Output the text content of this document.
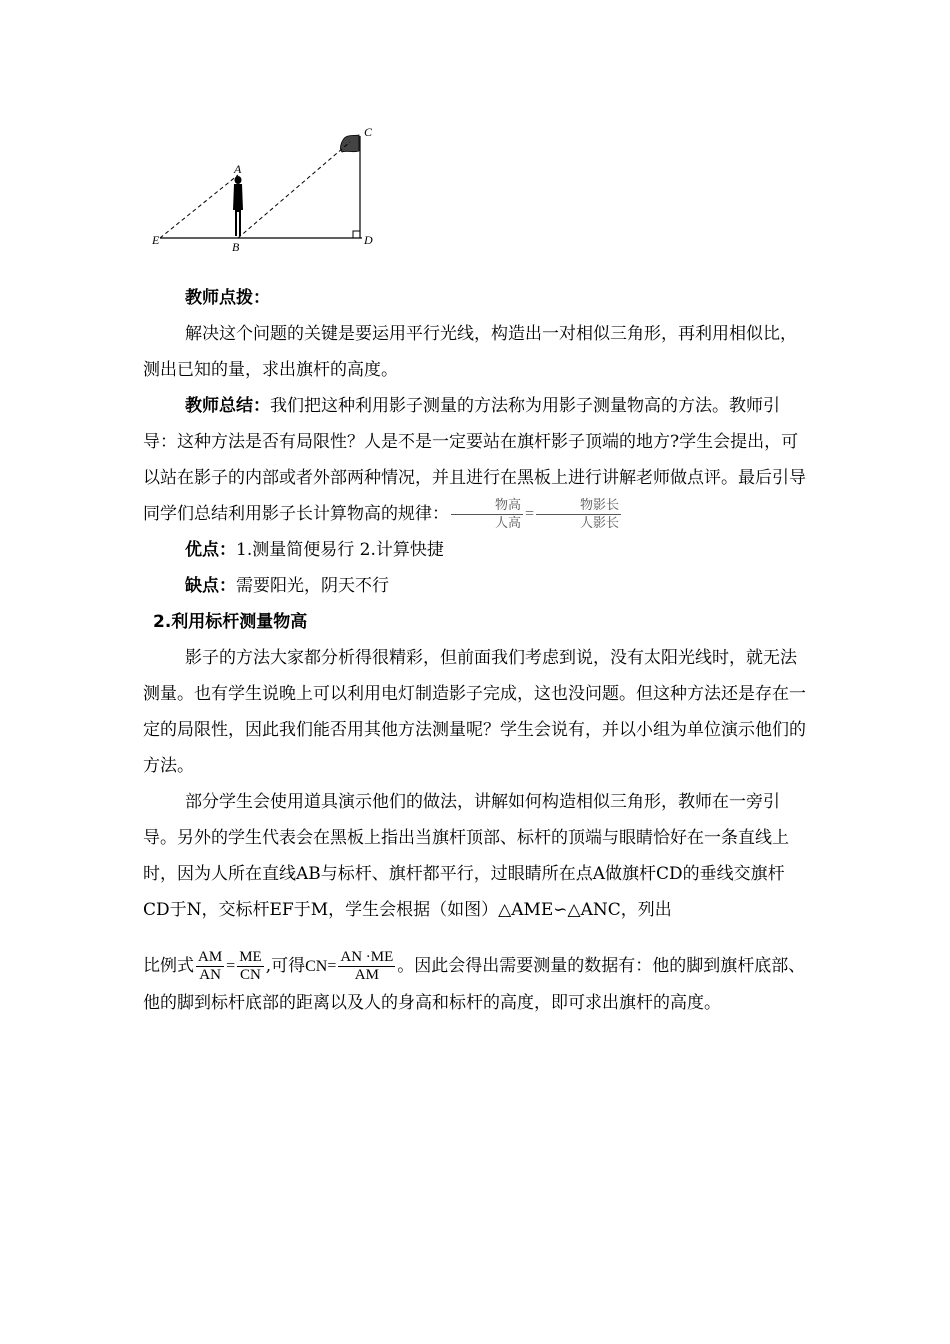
A
B
C
D
E

教师点拨：

解决这个问题的关键是要运用平行光线，构造出一对相似三角形，再利用相似比，测出已知的量，求出旗杆的高度。

教师总结：我们把这种利用影子测量的方法称为用影子测量物高的方法。教师引导：这种方法是否有局限性？人是不是一定要站在旗杆影子顶端的地方?学生会提出，可以站在影子的内部或者外部两种情况，并且进行在黑板上进行讲解老师做点评。最后引导同学们总结利用影子长计算物高的规律： $\frac{\text{物高}}{\text{人高}} = \frac{\text{物影长}}{\text{人影长}}$

优点：1.测量简便易行 2.计算快捷

缺点：需要阳光，阴天不行

2.利用标杆测量物高

影子的方法大家都分析得很精彩，但前面我们考虑到说，没有太阳光线时，就无法测量。也有学生说晚上可以利用电灯制造影子完成，这也没问题。但这种方法还是存在一定的局限性，因此我们能否用其他方法测量呢？学生会说有，并以小组为单位演示他们的方法。

部分学生会使用道具演示他们的做法，讲解如何构造相似三角形，教师在一旁引导。另外的学生代表会在黑板上指出当旗杆顶部、标杆的顶端与眼睛恰好在一条直线上时，因为人所在直线AB与标杆、旗杆都平行，过眼睛所在点A做旗杆CD的垂线交旗杆CD于N，交标杆EF于M，学生会根据（如图）△AME∽△ANC，列出

比例式 $\frac{AM}{AN} = \frac{ME}{CN}$ ,可得$CN= \frac{AN \cdot ME}{AM}$ 。因此会得出需要测量的数据有：他的脚到旗杆底部、他的脚到标杆底部的距离以及人的身高和标杆的高度，即可求出旗杆的高度。
